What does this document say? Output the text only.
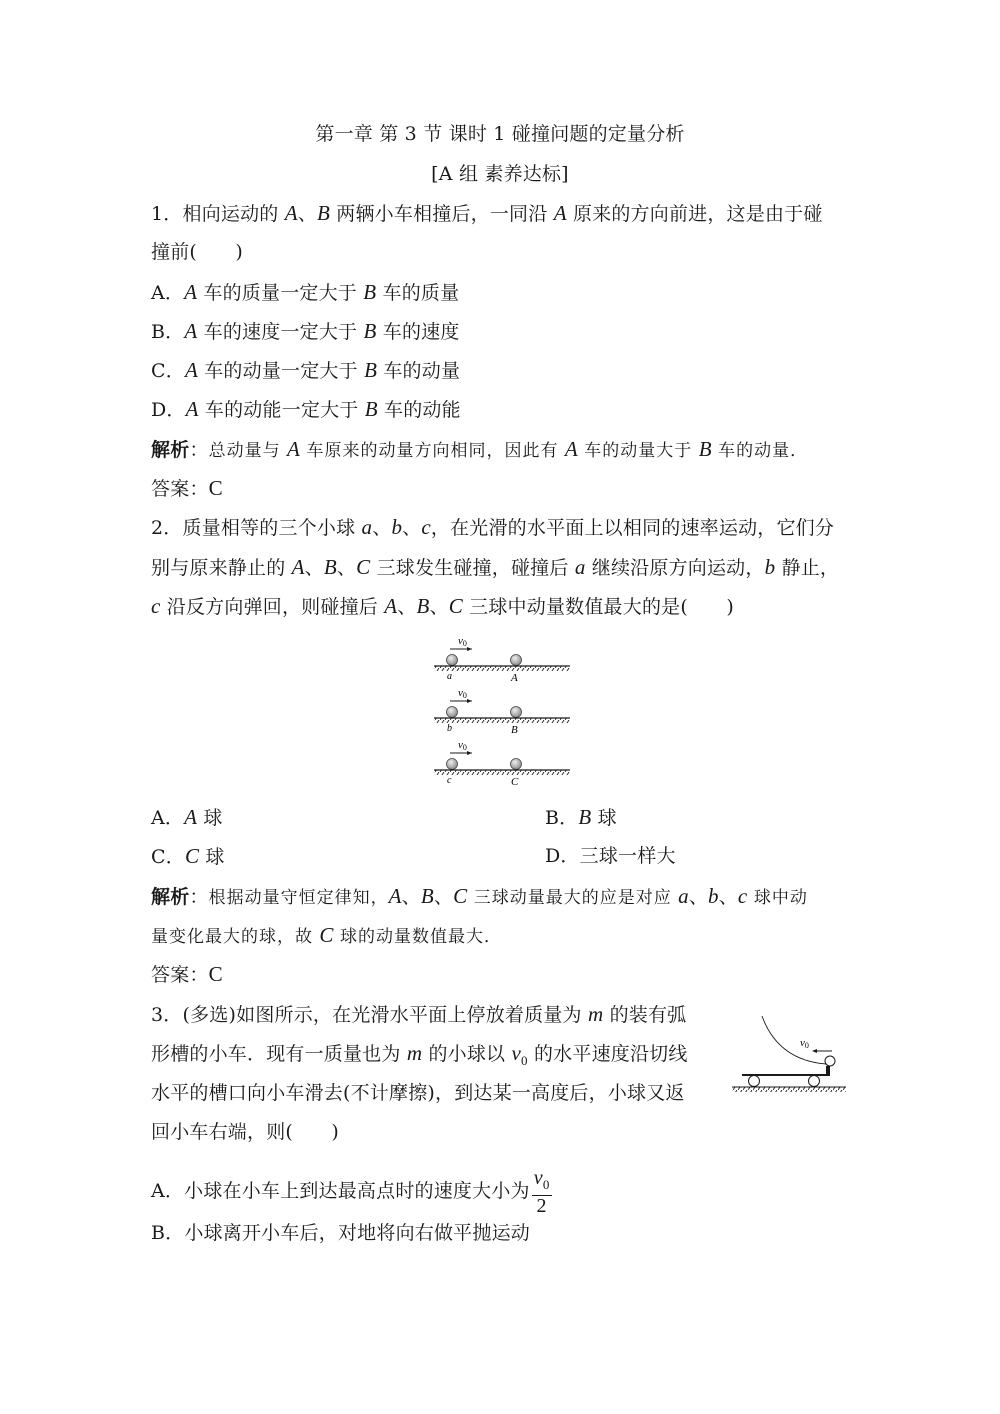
第一章 第 3 节 课时 1 碰撞问题的定量分析
[A 组 素养达标]
1．相向运动的 A、B 两辆小车相撞后，一同沿 A 原来的方向前进，这是由于碰
撞前(　　)
A．A 车的质量一定大于 B 车的质量
B．A 车的速度一定大于 B 车的速度
C．A 车的动量一定大于 B 车的动量
D．A 车的动能一定大于 B 车的动能
解析：总动量与 A 车原来的动量方向相同，因此有 A 车的动量大于 B 车的动量．
答案：C
2．质量相等的三个小球 a、b、c，在光滑的水平面上以相同的速率运动，它们分
别与原来静止的 A、B、C 三球发生碰撞，碰撞后 a 继续沿原方向运动，b 静止，
c 沿反方向弹回，则碰撞后 A、B、C 三球中动量数值最大的是(　　)
v0
a	A
v0
b	B
v0
c	C
A．A 球	B．B 球
C．C 球	D．三球一样大
解析：根据动量守恒定律知，A、B、C 三球动量最大的应是对应 a、b、c 球中动
量变化最大的球，故 C 球的动量数值最大．
答案：C
3．(多选)如图所示，在光滑水平面上停放着质量为 m 的装有弧
形槽的小车．现有一质量也为 m 的小球以 $v_0$ 的水平速度沿切线
水平的槽口向小车滑去(不计摩擦)，到达某一高度后，小球又返
回小车右端，则(　　)
v0
A．小球在小车上到达最高点时的速度大小为 $\frac{v_0}{2}$
B．小球离开小车后，对地将向右做平抛运动
